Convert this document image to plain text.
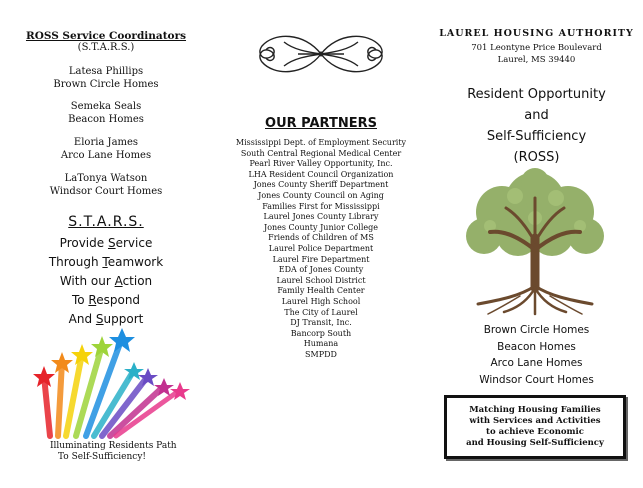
ROSS Service Coordinators
(S.T.A.R.S.)
Latesa Phillips
Brown Circle Homes
Semeka Seals
Beacon Homes
Eloria James
Arco Lane Homes
LaTonya Watson
Windsor Court Homes
S.T.A.R.S.
Provide Service
Through Teamwork
With our Action
To Respond
And Support
Illuminating Residents Path
To Self-Sufficiency!
OUR PARTNERS
Mississippi Dept. of Employment Security
South Central Regional Medical Center
Pearl River Valley Opportunity, Inc.
LHA Resident Council Organization
Jones County Sheriff Department
Jones County Council on Aging
Families First for Mississippi
Laurel Jones County Library
Jones County Junior College
Friends of Children of MS
Laurel Police Department
Laurel Fire Department
EDA of Jones County
Laurel School District
Family Health Center
Laurel High School
The City of Laurel
DJ Transit, Inc.
Bancorp South
Humana
SMPDD
LAUREL HOUSING AUTHORITY
701 Leontyne Price Boulevard
Laurel, MS 39440
Resident Opportunity
and
Self-Sufficiency
(ROSS)
Brown Circle Homes
Beacon Homes
Arco Lane Homes
Windsor Court Homes
Matching Housing Families
with Services and Activities
to achieve Economic
and Housing Self-Sufficiency
